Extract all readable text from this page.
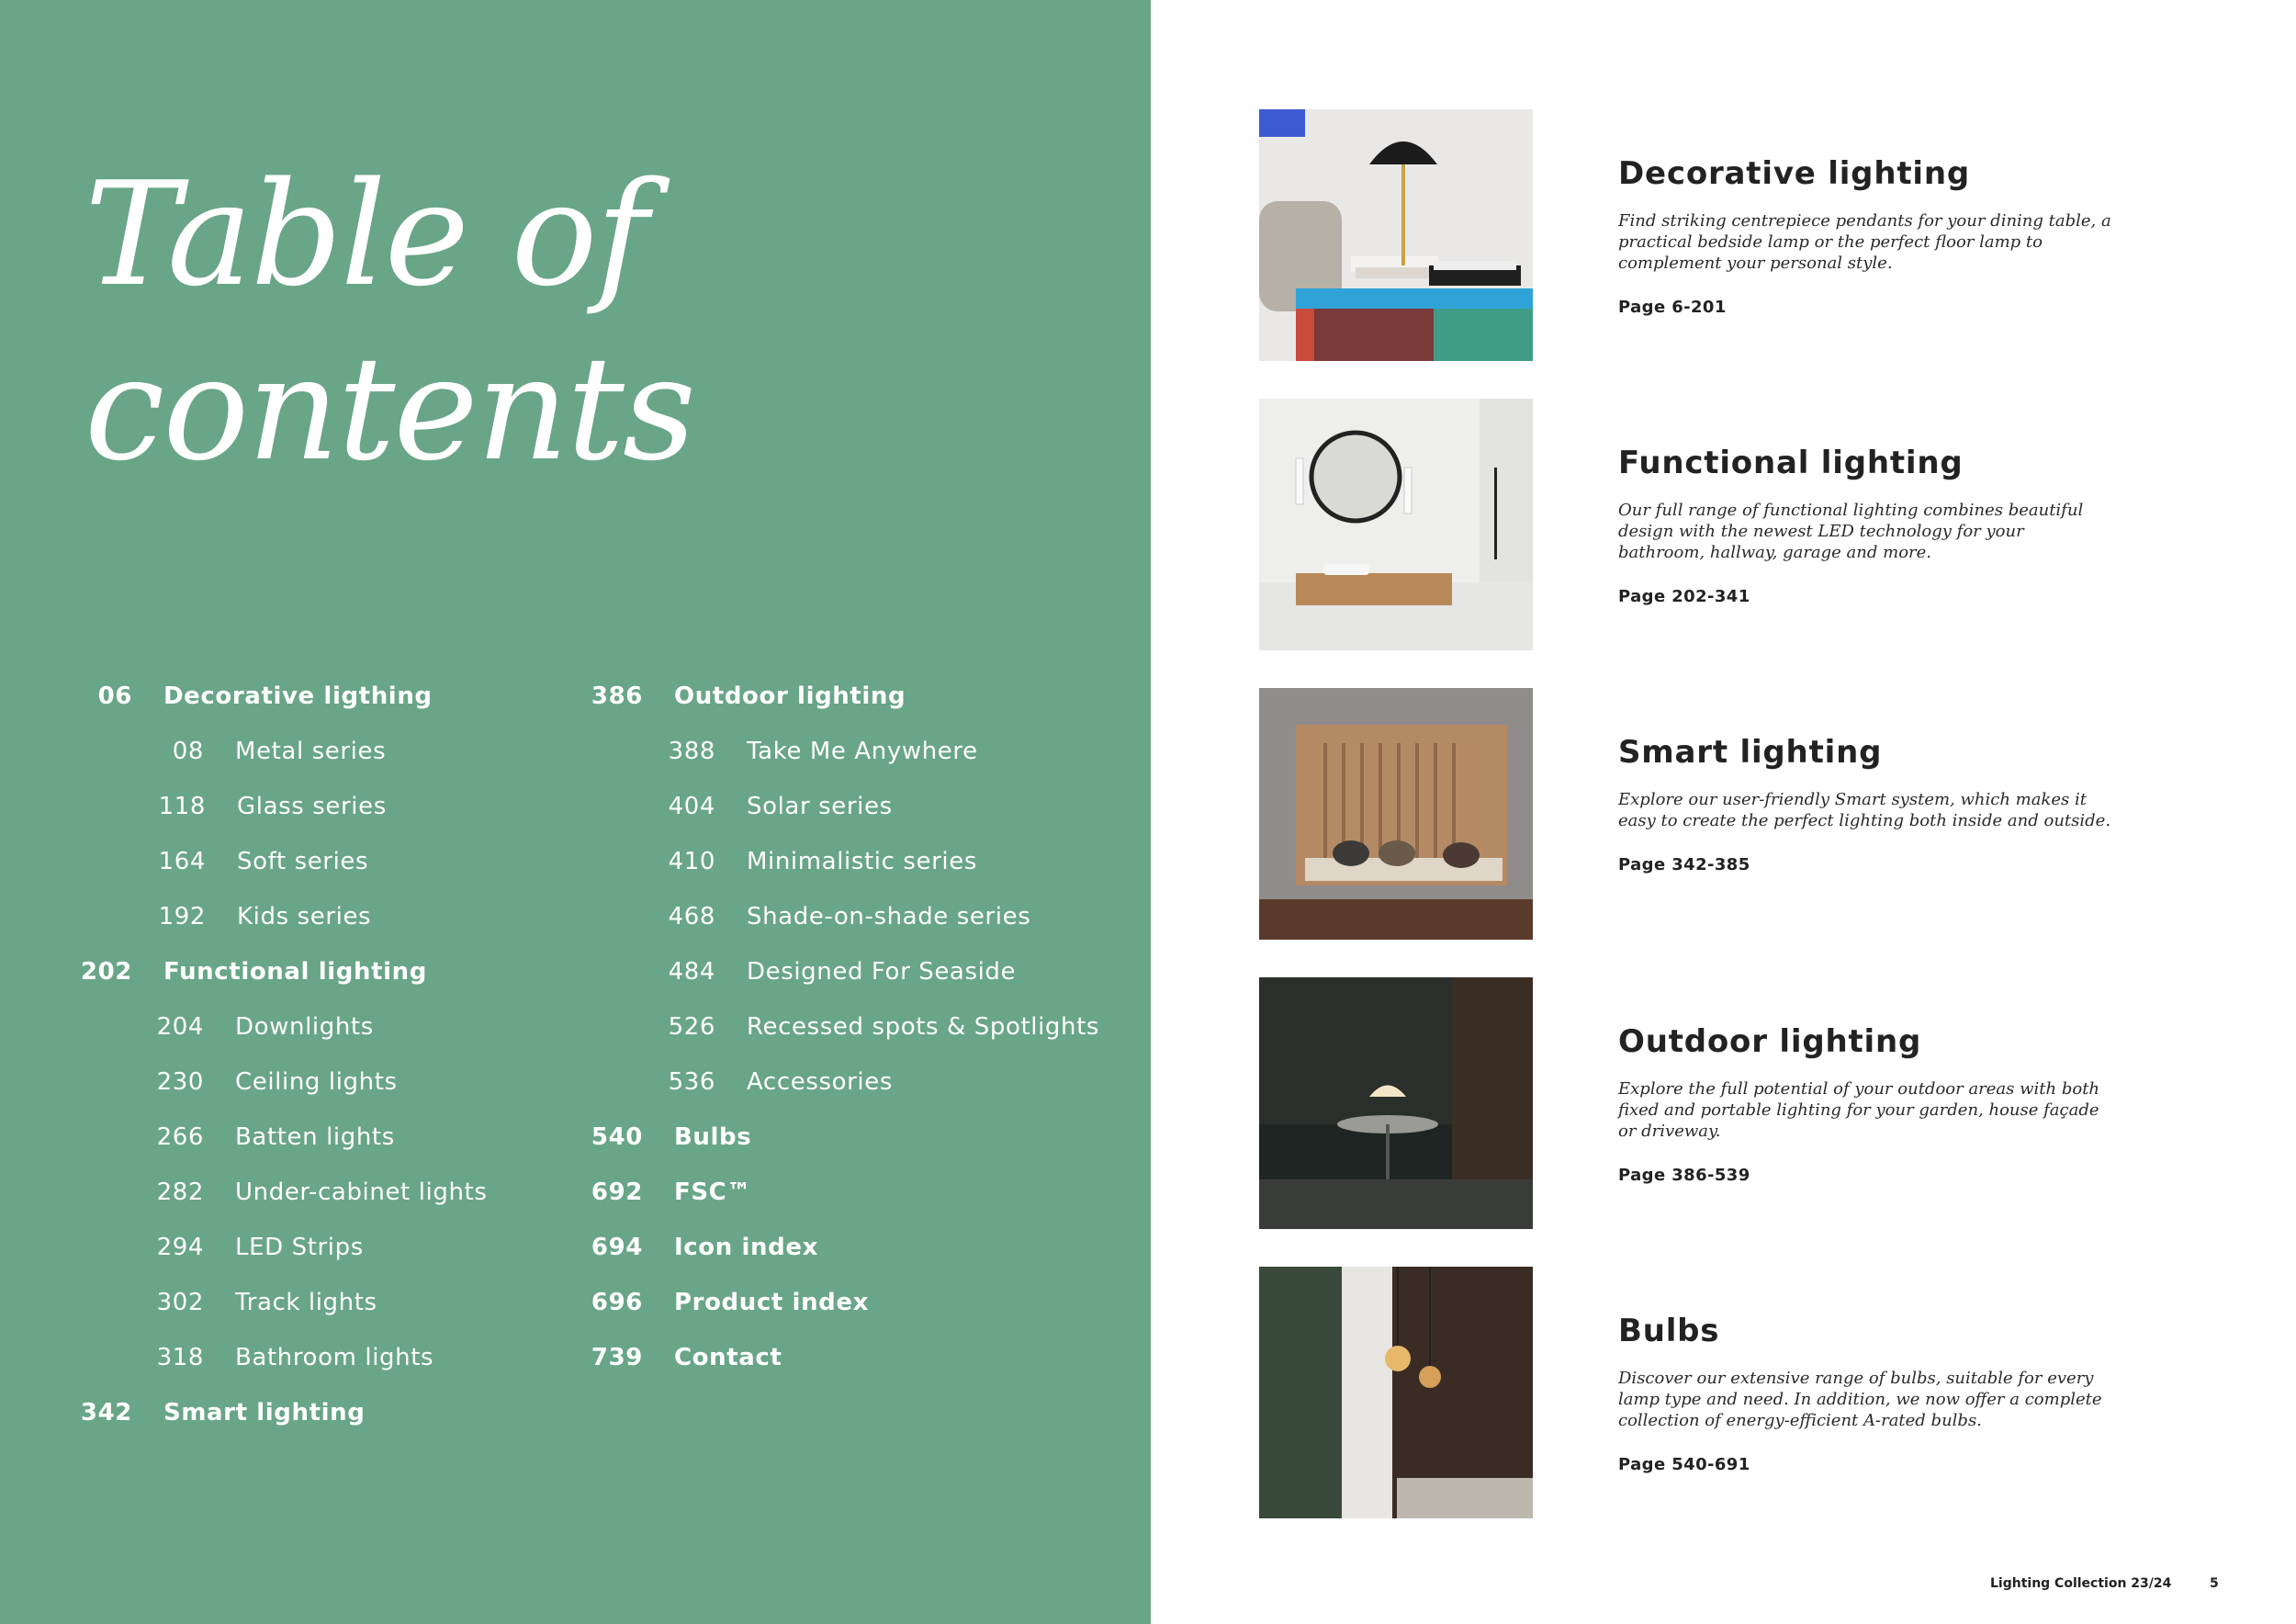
Table of
contents
06	Decorative ligthing
08	Metal series
118	Glass series
164	Soft series
192	Kids series
202	Functional lighting
204	Downlights
230	Ceiling lights
266	Batten lights
282	Under-cabinet lights
294	LED Strips
302	Track lights
318	Bathroom lights
342	Smart lighting
386	Outdoor lighting
388	Take Me Anywhere
404	Solar series
410	Minimalistic series
468	Shade-on-shade series
484	Designed For Seaside
526	Recessed spots & Spotlights
536	Accessories
540	Bulbs
692	FSC™
694	Icon index
696	Product index
739	Contact
Decorative lighting

Find striking centrepiece pendants for your dining table, a practical bedside lamp or the perfect floor lamp to complement your personal style.

Page 6-201
Functional lighting

Our full range of functional lighting combines beautiful design with the newest LED technology for your bathroom, hallway, garage and more.

Page 202-341
Smart lighting

Explore our user-friendly Smart system, which makes it easy to create the perfect lighting both inside and outside.

Page 342-385
Outdoor lighting

Explore the full potential of your outdoor areas with both fixed and portable lighting for your garden, house façade or driveway.

Page 386-539
Bulbs

Discover our extensive range of bulbs, suitable for every lamp type and need. In addition, we now offer a complete collection of energy-efficient A-rated bulbs.

Page 540-691
Lighting Collection 23/24	5
